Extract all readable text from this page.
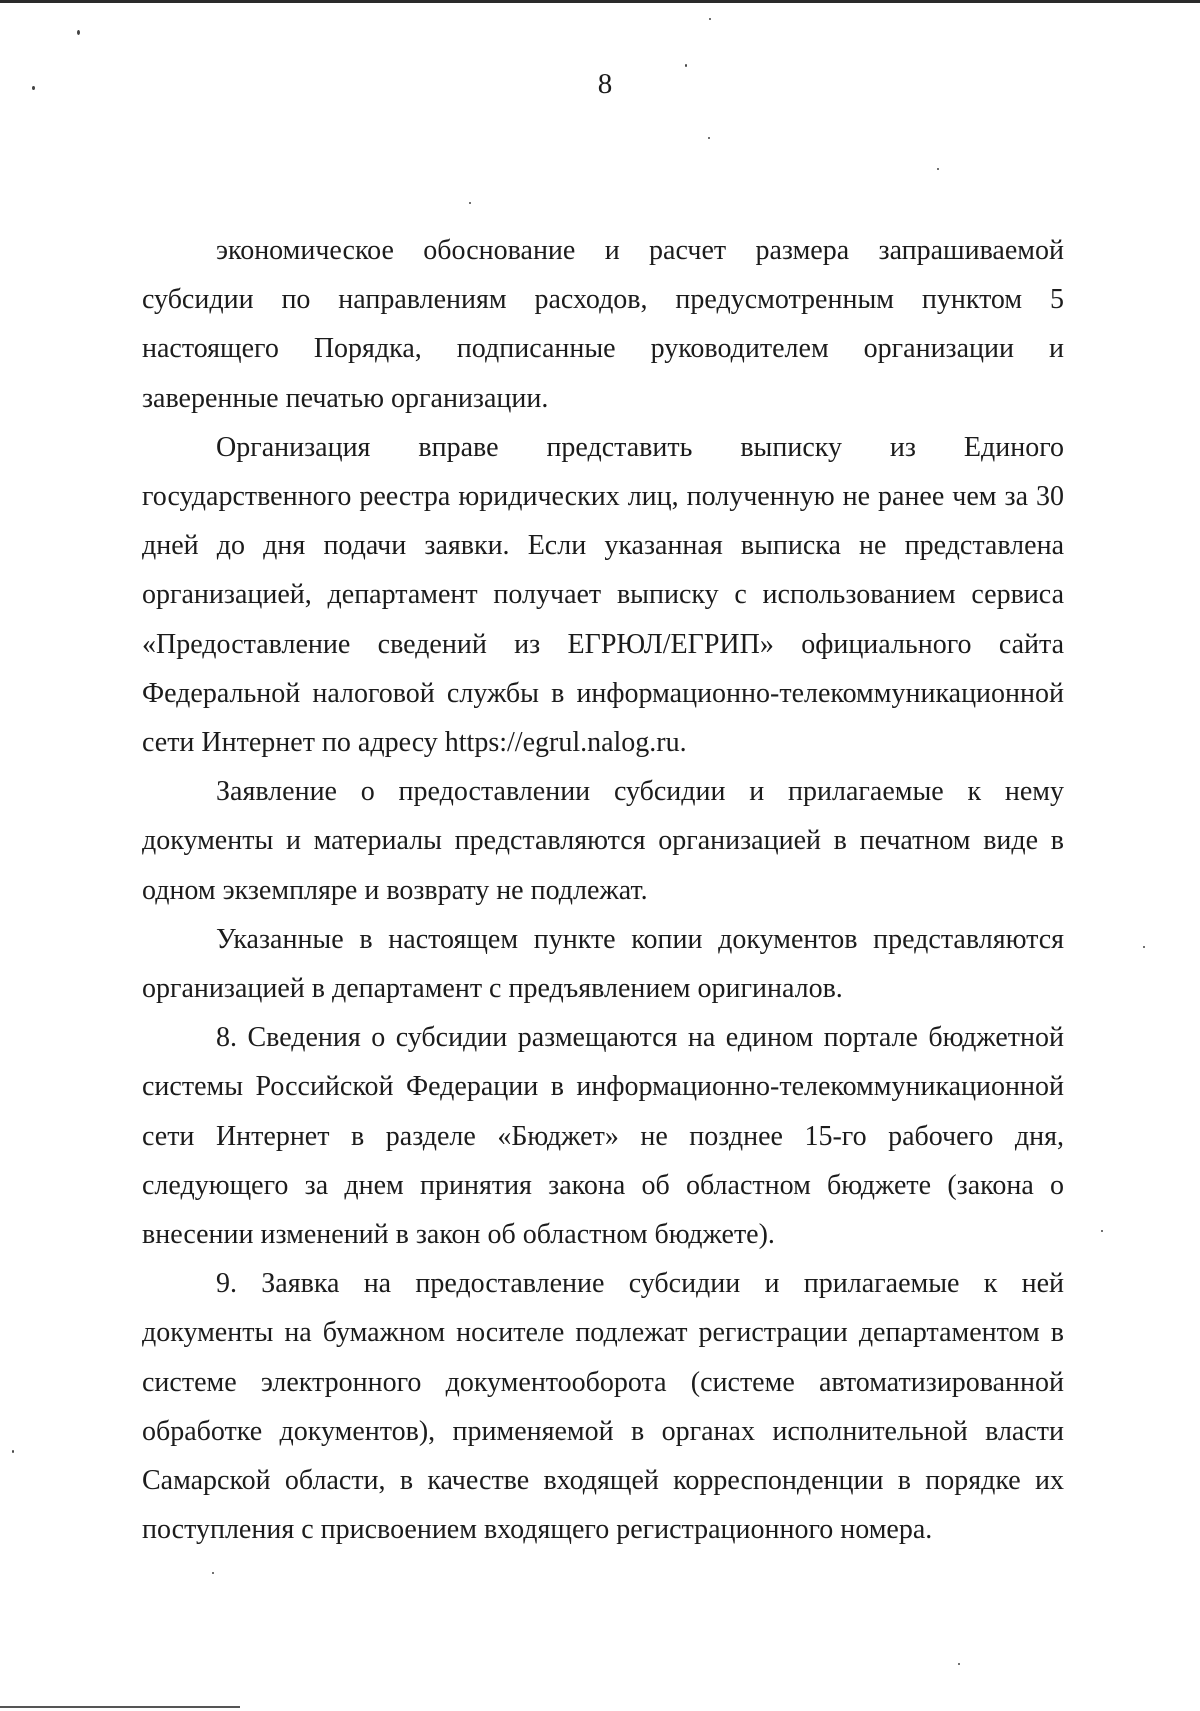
8

экономическое обоснование и расчет размера запрашиваемой субсидии по направлениям расходов, предусмотренным пунктом 5 настоящего Порядка, подписанные руководителем организации и заверенные печатью организации.

Организация вправе представить выписку из Единого государственного реестра юридических лиц, полученную не ранее чем за 30 дней до дня подачи заявки. Если указанная выписка не представлена организацией, департамент получает выписку с использованием сервиса «Предоставление сведений из ЕГРЮЛ/ЕГРИП» официального сайта Федеральной налоговой службы в информационно-телекоммуникационной сети Интернет по адресу https://egrul.nalog.ru.

Заявление о предоставлении субсидии и прилагаемые к нему документы и материалы представляются организацией в печатном виде в одном экземпляре и возврату не подлежат.

Указанные в настоящем пункте копии документов представляются организацией в департамент с предъявлением оригиналов.

8. Сведения о субсидии размещаются на едином портале бюджетной системы Российской Федерации в информационно-телекоммуникационной сети Интернет в разделе «Бюджет» не позднее 15-го рабочего дня, следующего за днем принятия закона об областном бюджете (закона о внесении изменений в закон об областном бюджете).

9. Заявка на предоставление субсидии и прилагаемые к ней документы на бумажном носителе подлежат регистрации департаментом в системе электронного документооборота (системе автоматизированной обработке документов), применяемой в органах исполнительной власти Самарской области, в качестве входящей корреспонденции в порядке их поступления с присвоением входящего регистрационного номера.
